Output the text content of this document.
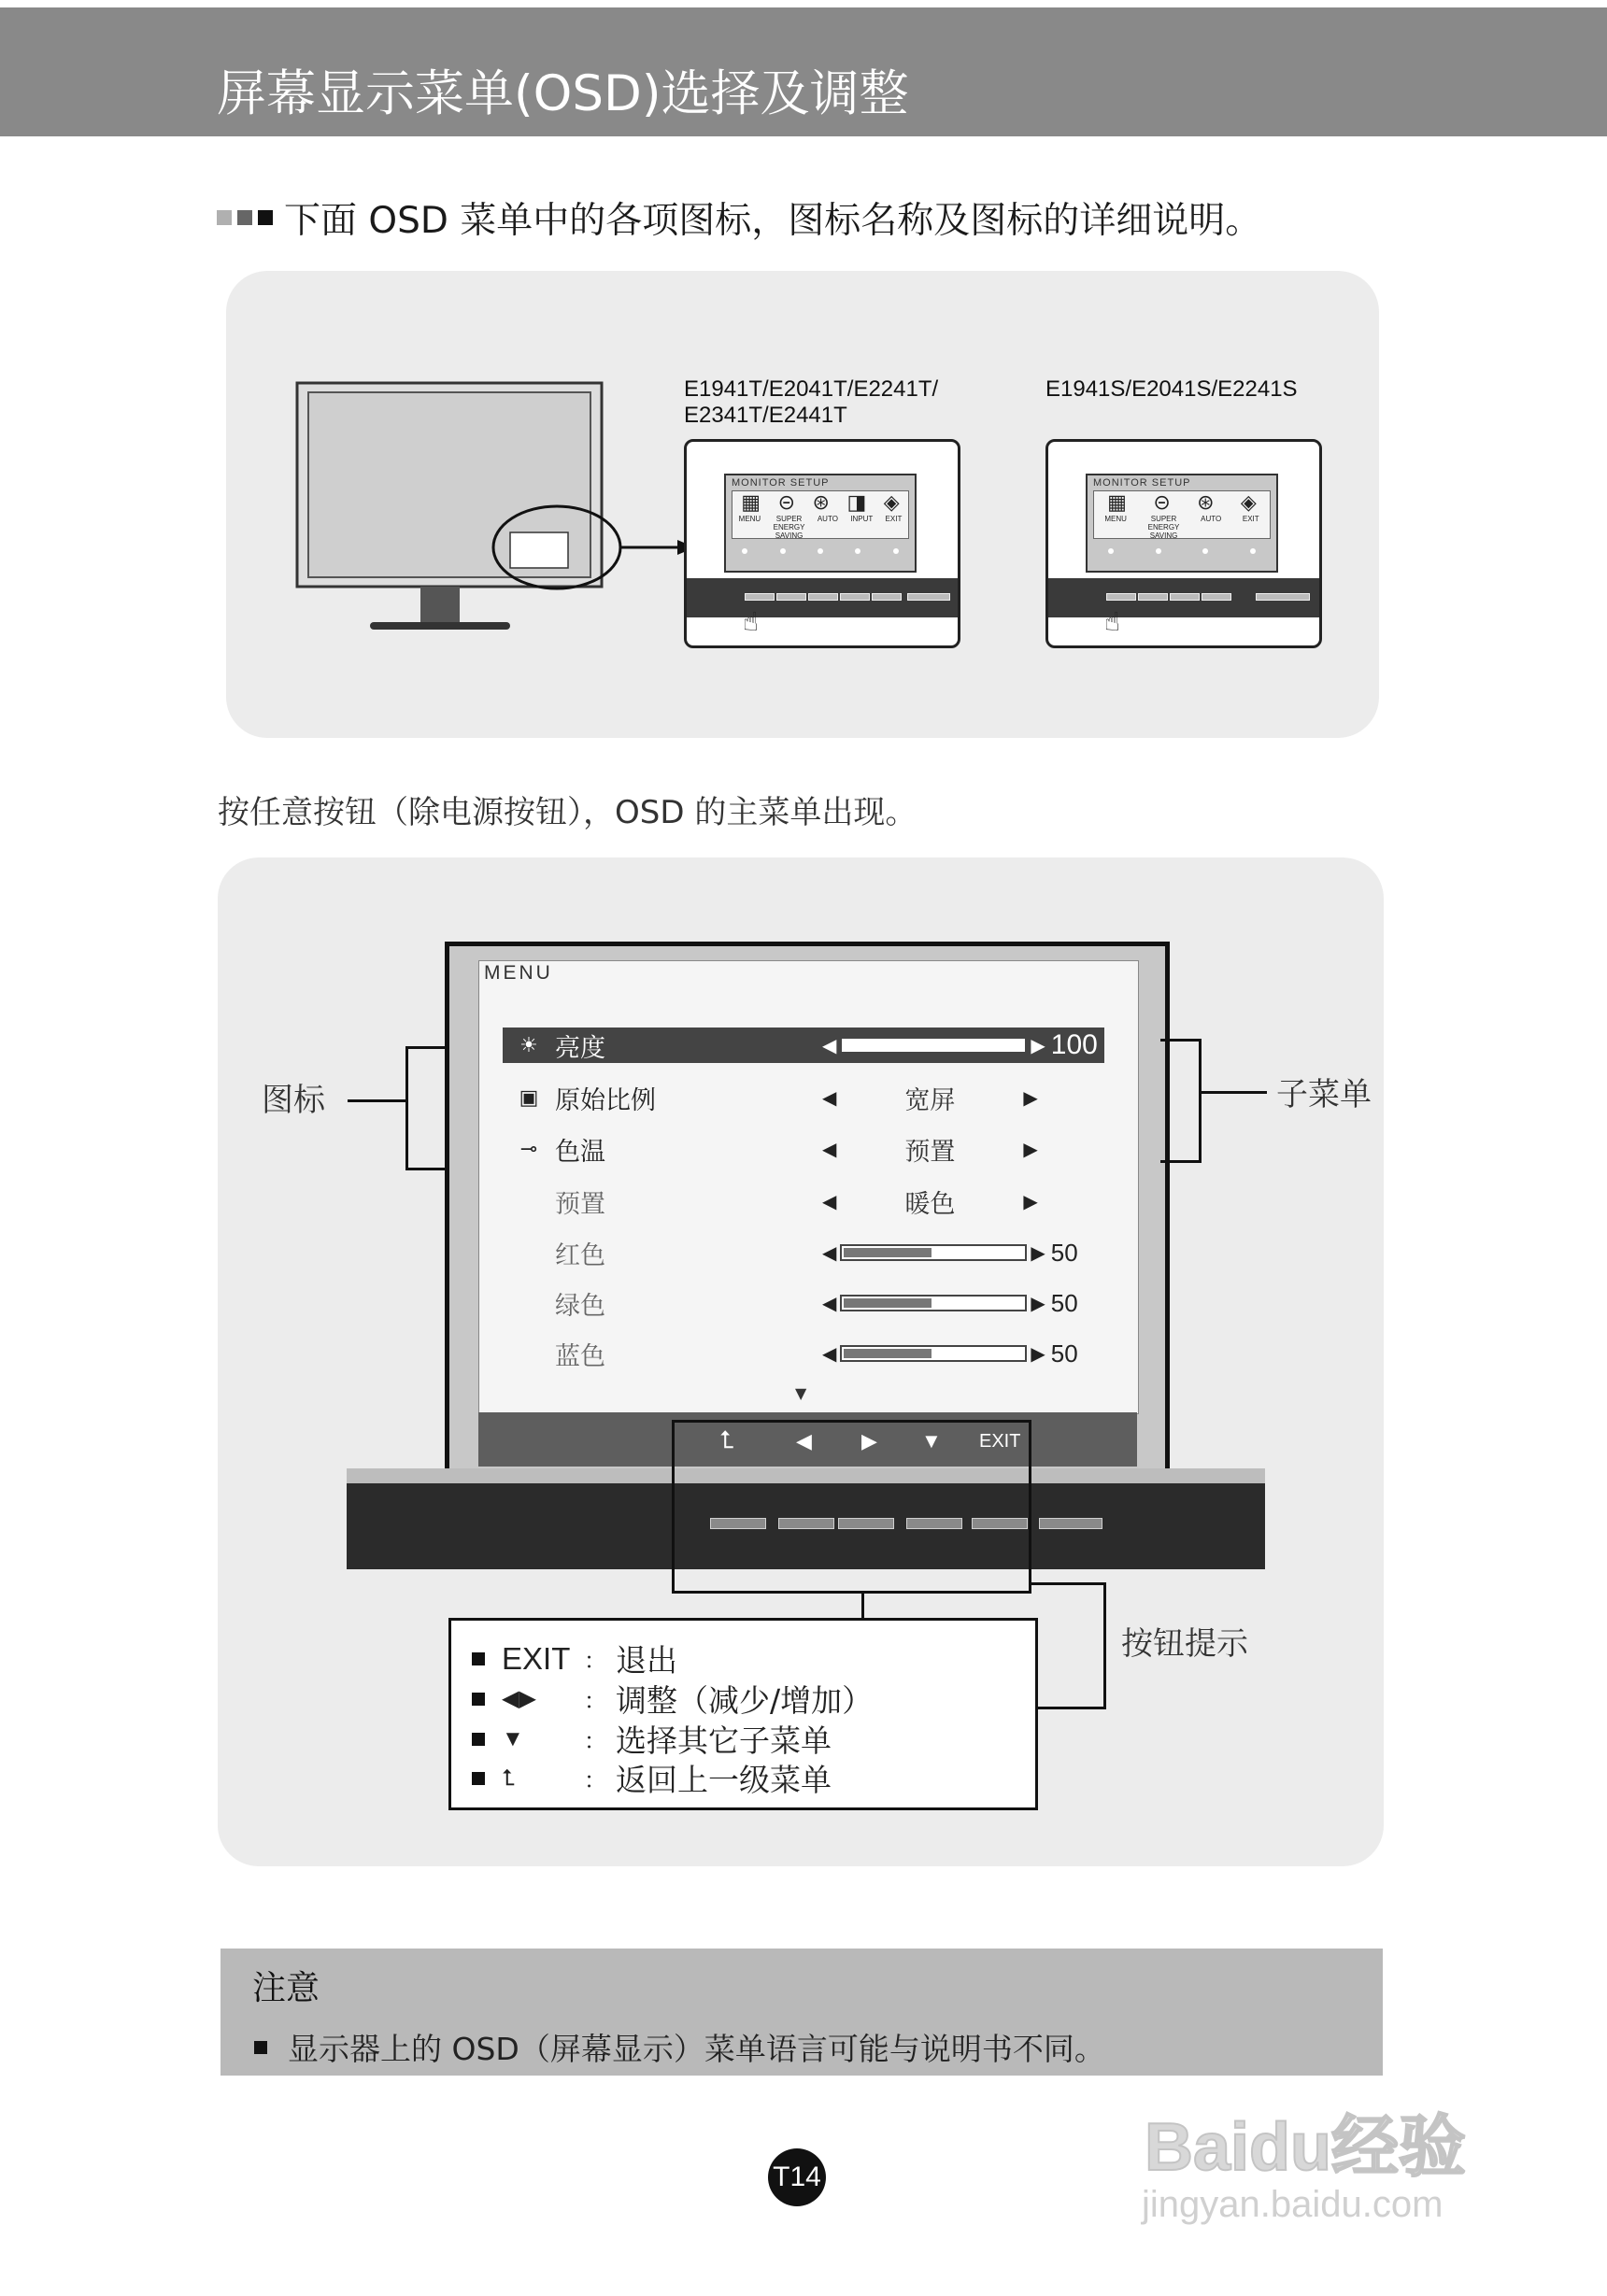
屏幕显示菜单(OSD)选择及调整
下面 OSD 菜单中的各项图标，图标名称及图标的详细说明。
E1941T/E2041T/E2241T/
E2341T/E2441T
MONITOR SETUP
▦ ⊝ ⊛ ◨ ◈
MENU	SUPER ENERGY SAVING
AUTO INPUT EXIT
☝
E1941S/E2041S/E2241S
MONITOR SETUP
▦ ⊝ ⊛ ◈
MENU	SUPER ENERGY SAVING
AUTO	EXIT
☝
按任意按钮（除电源按钮），OSD 的主菜单出现。
MENU
☀ 亮度	◀	▶ 100
▣ 原始比例	◀	宽屏	▶
⊸ 色温	◀	预置	▶
预置	◀	暖色	▶
红色	◀	▶ 50
绿色	◀	▶ 50
蓝色	◀	▶ 50
▼
⮤	◀ ▶ ▼ EXIT
图标	子菜单
按钮提示
EXIT ： 退出
◀▶	： 调整（减少/增加）
▼	： 选择其它子菜单
⮤	： 返回上一级菜单
注意
显示器上的 OSD（屏幕显示）菜单语言可能与说明书不同。
T14	Baidu经验
jingyan.baidu.com
